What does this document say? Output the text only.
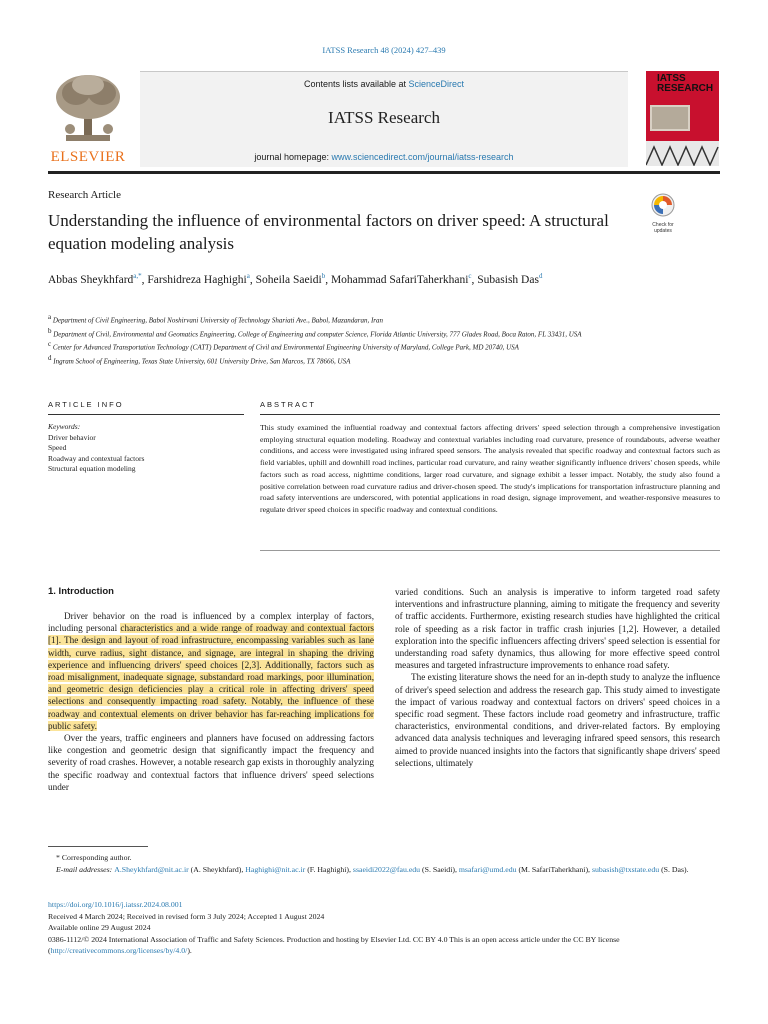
IATSS Research 48 (2024) 427–439
ELSEVIER
Contents lists available at ScienceDirect
IATSS Research
journal homepage: www.sciencedirect.com/journal/iatss-research
IATSS
RESEARCH
Research Article
Understanding the influence of environmental factors on driver speed: A structural equation modeling analysis
Check for updates
Abbas Sheykhfard$^{a,*}$, Farshidreza Haghighi$^a$, Soheila Saeidi$^b$, Mohammad SafariTaherkhani$^c$, Subasish Das$^d$
$^a$ Department of Civil Engineering, Babol Noshirvani University of Technology Shariati Ave., Babol, Mazandaran, Iran
$^b$ Department of Civil, Environmental and Geomatics Engineering, College of Engineering and computer Science, Florida Atlantic University, 777 Glades Road, Boca Raton, FL 33431, USA
$^c$ Center for Advanced Transportation Technology (CATT) Department of Civil and Environmental Engineering University of Maryland, College Park, MD 20740, USA
$^d$ Ingram School of Engineering, Texas State University, 601 University Drive, San Marcos, TX 78666, USA
ARTICLE INFO	ABSTRACT
Keywords:
Driver behavior
Speed
Roadway and contextual factors
Structural equation modeling
This study examined the influential roadway and contextual factors affecting drivers' speed selection through a comprehensive investigation employing structural equation modeling. Roadway and contextual variables including road curvature, presence of roundabouts, adverse weather conditions, and access were investigated using infrared speed sensors. The analysis revealed that specific roadway and contextual factors such as field variables, uphill and downhill road inclines, particular road curvature, and rainy weather significantly influence drivers' chosen speeds, while factors such as road access, nighttime conditions, larger road curvature, and signage exhibit a lesser impact. Notably, the study also found a positive correlation between road curvature radius and driver-chosen speed. The study's implications for transportation infrastructure planning and road safety interventions are underscored, with potential applications in road design, signage improvement, and weather-responsive measures to regulate driver speed choices in specific roadway and contextual conditions.
1. Introduction

Driver behavior on the road is influenced by a complex interplay of factors, including personal characteristics and a wide range of roadway and contextual factors [1]. The design and layout of road infrastructure, encompassing variables such as lane width, curve radius, sight distance, and signage, are integral in shaping the driving experience and influencing drivers' speed choices [2,3]. Additionally, factors such as road misalignment, inadequate signage, substandard road markings, poor illumination, and geometric design deficiencies play a critical role in affecting drivers' speed selections and consequently impacting road safety. Notably, the influence of these roadway and contextual elements on driver behavior has far-reaching implications for public safety.

Over the years, traffic engineers and planners have focused on addressing factors like congestion and geometric design that significantly impact the frequency and severity of road crashes. However, a notable research gap exists in thoroughly analyzing the specific roadway and contextual factors that influence drivers' speed selections under

varied conditions. Such an analysis is imperative to inform targeted road safety interventions and infrastructure planning, aiming to mitigate the frequency and severity of traffic accidents. Furthermore, existing research studies have highlighted the critical role of speeding as a risk factor in traffic crash injuries [1,2]. However, a detailed exploration into the specific influencers affecting drivers' speed selection is essential for understanding road safety dynamics, thus allowing for more effective speed control measures and targeted infrastructure improvements to enhance road safety.

The existing literature shows the need for an in-depth study to analyze the influence of driver's speed selection and address the research gap. This study aimed to investigate the impact of various roadway and contextual factors on drivers' speed choices in a specific road segment. These factors include road geometry and infrastructure, traffic characteristics, environmental conditions, and driver-related factors. By employing advanced data analysis techniques and leveraging infrared speed sensors, this research aimed to provide nuanced insights into the factors that significantly shape drivers' speed selections, ultimately

* Corresponding author.
E-mail addresses: A.Sheykhfard@nit.ac.ir (A. Sheykhfard), Haghighi@nit.ac.ir (F. Haghighi), ssaeidi2022@fau.edu (S. Saeidi), msafari@umd.edu (M. SafariTaherkhani), subasish@txstate.edu (S. Das).
https://doi.org/10.1016/j.iatssr.2024.08.001
Received 4 March 2024; Received in revised form 3 July 2024; Accepted 1 August 2024
Available online 29 August 2024
0386-1112/© 2024 International Association of Traffic and Safety Sciences. Production and hosting by Elsevier Ltd. CC BY 4.0 This is an open access article under the CC BY license (http://creativecommons.org/licenses/by/4.0/).
